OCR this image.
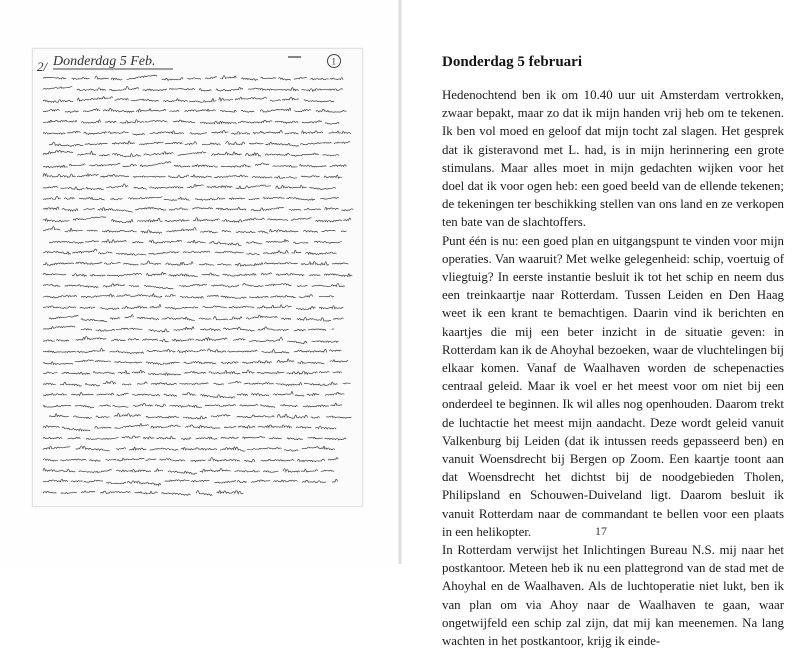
2/ Donderdag 5 Feb.	1	Donderdag 5 februari

Hedenochtend ben ik om 10.40 uur uit Amsterdam vertrokken, zwaar bepakt, maar zo dat ik mijn handen vrij heb om te tekenen. Ik ben vol moed en geloof dat mijn tocht zal slagen. Het gesprek dat ik gisteravond met L. had, is in mijn herinnering een grote stimulans. Maar alles moet in mijn gedachten wijken voor het doel dat ik voor ogen heb: een goed beeld van de ellende tekenen; de tekeningen ter beschikking stellen van ons land en ze verkopen ten bate van de slachtoffers.

Punt één is nu: een goed plan en uitgangspunt te vinden voor mijn operaties. Van waaruit? Met welke gelegenheid: schip, voertuig of vliegtuig? In eerste instantie besluit ik tot het schip en neem dus een treinkaartje naar Rotterdam. Tussen Leiden en Den Haag weet ik een krant te bemachtigen. Daarin vind ik berichten en kaartjes die mij een beter inzicht in de situatie geven: in Rotterdam kan ik de Ahoyhal bezoeken, waar de vluchtelingen bij elkaar komen. Vanaf de Waalhaven worden de schepenacties centraal geleid. Maar ik voel er het meest voor om niet bij een onderdeel te beginnen. Ik wil alles nog openhouden. Daarom trekt de luchtactie het meest mijn aandacht. Deze wordt geleid vanuit Valkenburg bij Leiden (dat ik intussen reeds gepasseerd ben) en vanuit Woensdrecht bij Bergen op Zoom. Een kaartje toont aan dat Woensdrecht het dichtst bij de noodgebieden Tholen, Philipsland en Schouwen-Duiveland ligt. Daarom besluit ik vanuit Rotterdam naar de commandant te bellen voor een plaats in een helikopter.

In Rotterdam verwijst het Inlichtingen Bureau N.S. mij naar het postkantoor. Meteen heb ik nu een plattegrond van de stad met de Ahoyhal en de Waalhaven. Als de luchtoperatie niet lukt, ben ik van plan om via Ahoy naar de Waalhaven te gaan, waar ongetwijfeld een schip zal zijn, dat mij kan meenemen. Na lang wachten in het postkantoor, krijg ik einde-

17
